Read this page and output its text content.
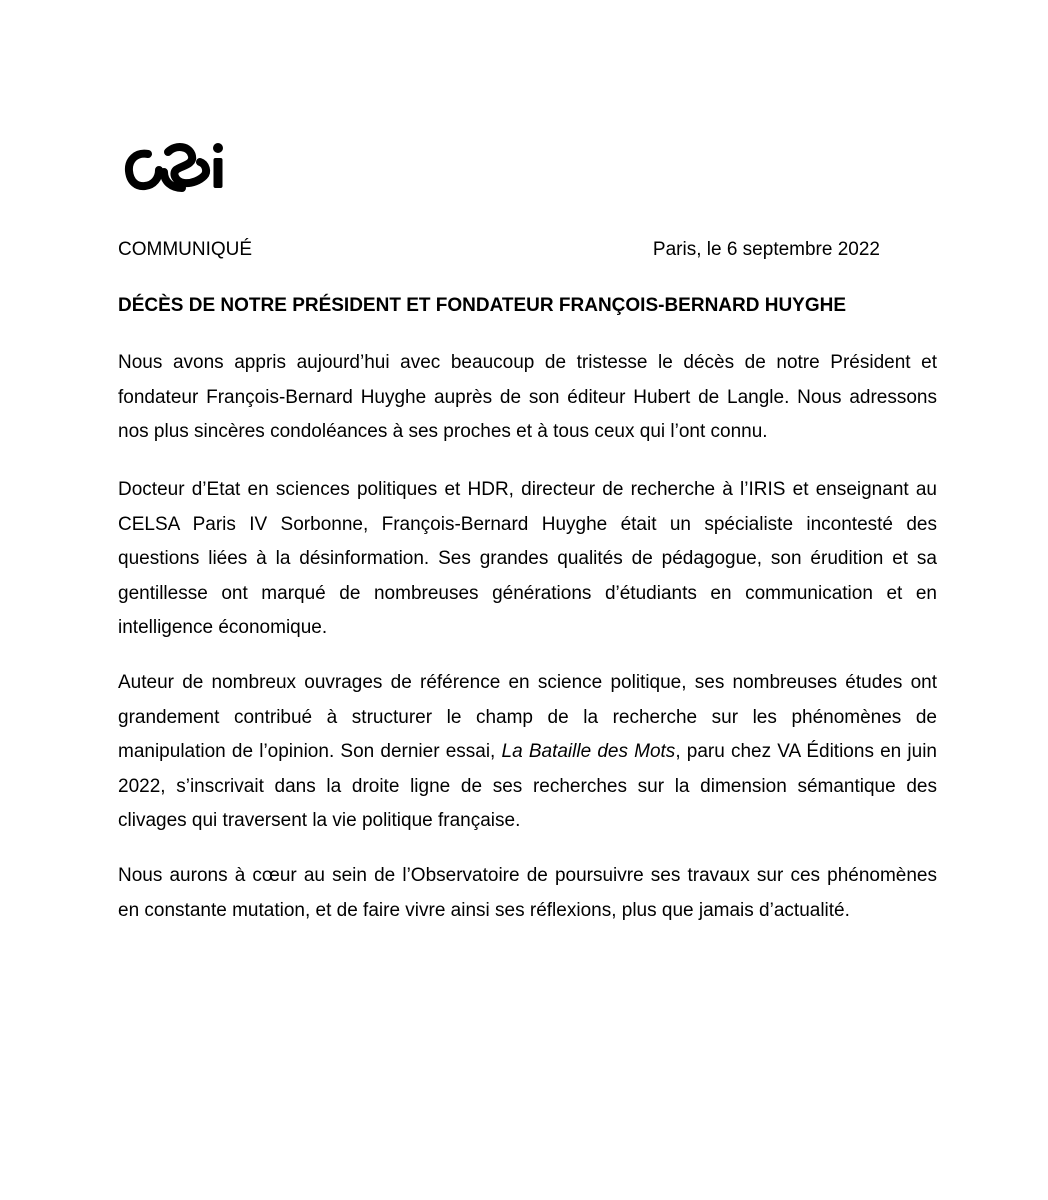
COMMUNIQUÉ	Paris, le 6 septembre 2022
DÉCÈS DE NOTRE PRÉSIDENT ET FONDATEUR FRANÇOIS-BERNARD HUYGHE

Nous avons appris aujourd’hui avec beaucoup de tristesse le décès de notre Président et fondateur François-Bernard Huyghe auprès de son éditeur Hubert de Langle. Nous adressons nos plus sincères condoléances à ses proches et à tous ceux qui l’ont connu.

Docteur d’Etat en sciences politiques et HDR, directeur de recherche à l’IRIS et enseignant au CELSA Paris IV Sorbonne, François-Bernard Huyghe était un spécialiste incontesté des questions liées à la désinformation. Ses grandes qualités de pédagogue, son érudition et sa gentillesse ont marqué de nombreuses générations d’étudiants en communication et en intelligence économique.

Auteur de nombreux ouvrages de référence en science politique, ses nombreuses études ont grandement contribué à structurer le champ de la recherche sur les phénomènes de manipulation de l’opinion. Son dernier essai, La Bataille des Mots, paru chez VA Éditions en juin 2022, s’inscrivait dans la droite ligne de ses recherches sur la dimension sémantique des clivages qui traversent la vie politique française.

Nous aurons à cœur au sein de l’Observatoire de poursuivre ses travaux sur ces phénomènes en constante mutation, et de faire vivre ainsi ses réflexions, plus que jamais d’actualité.
